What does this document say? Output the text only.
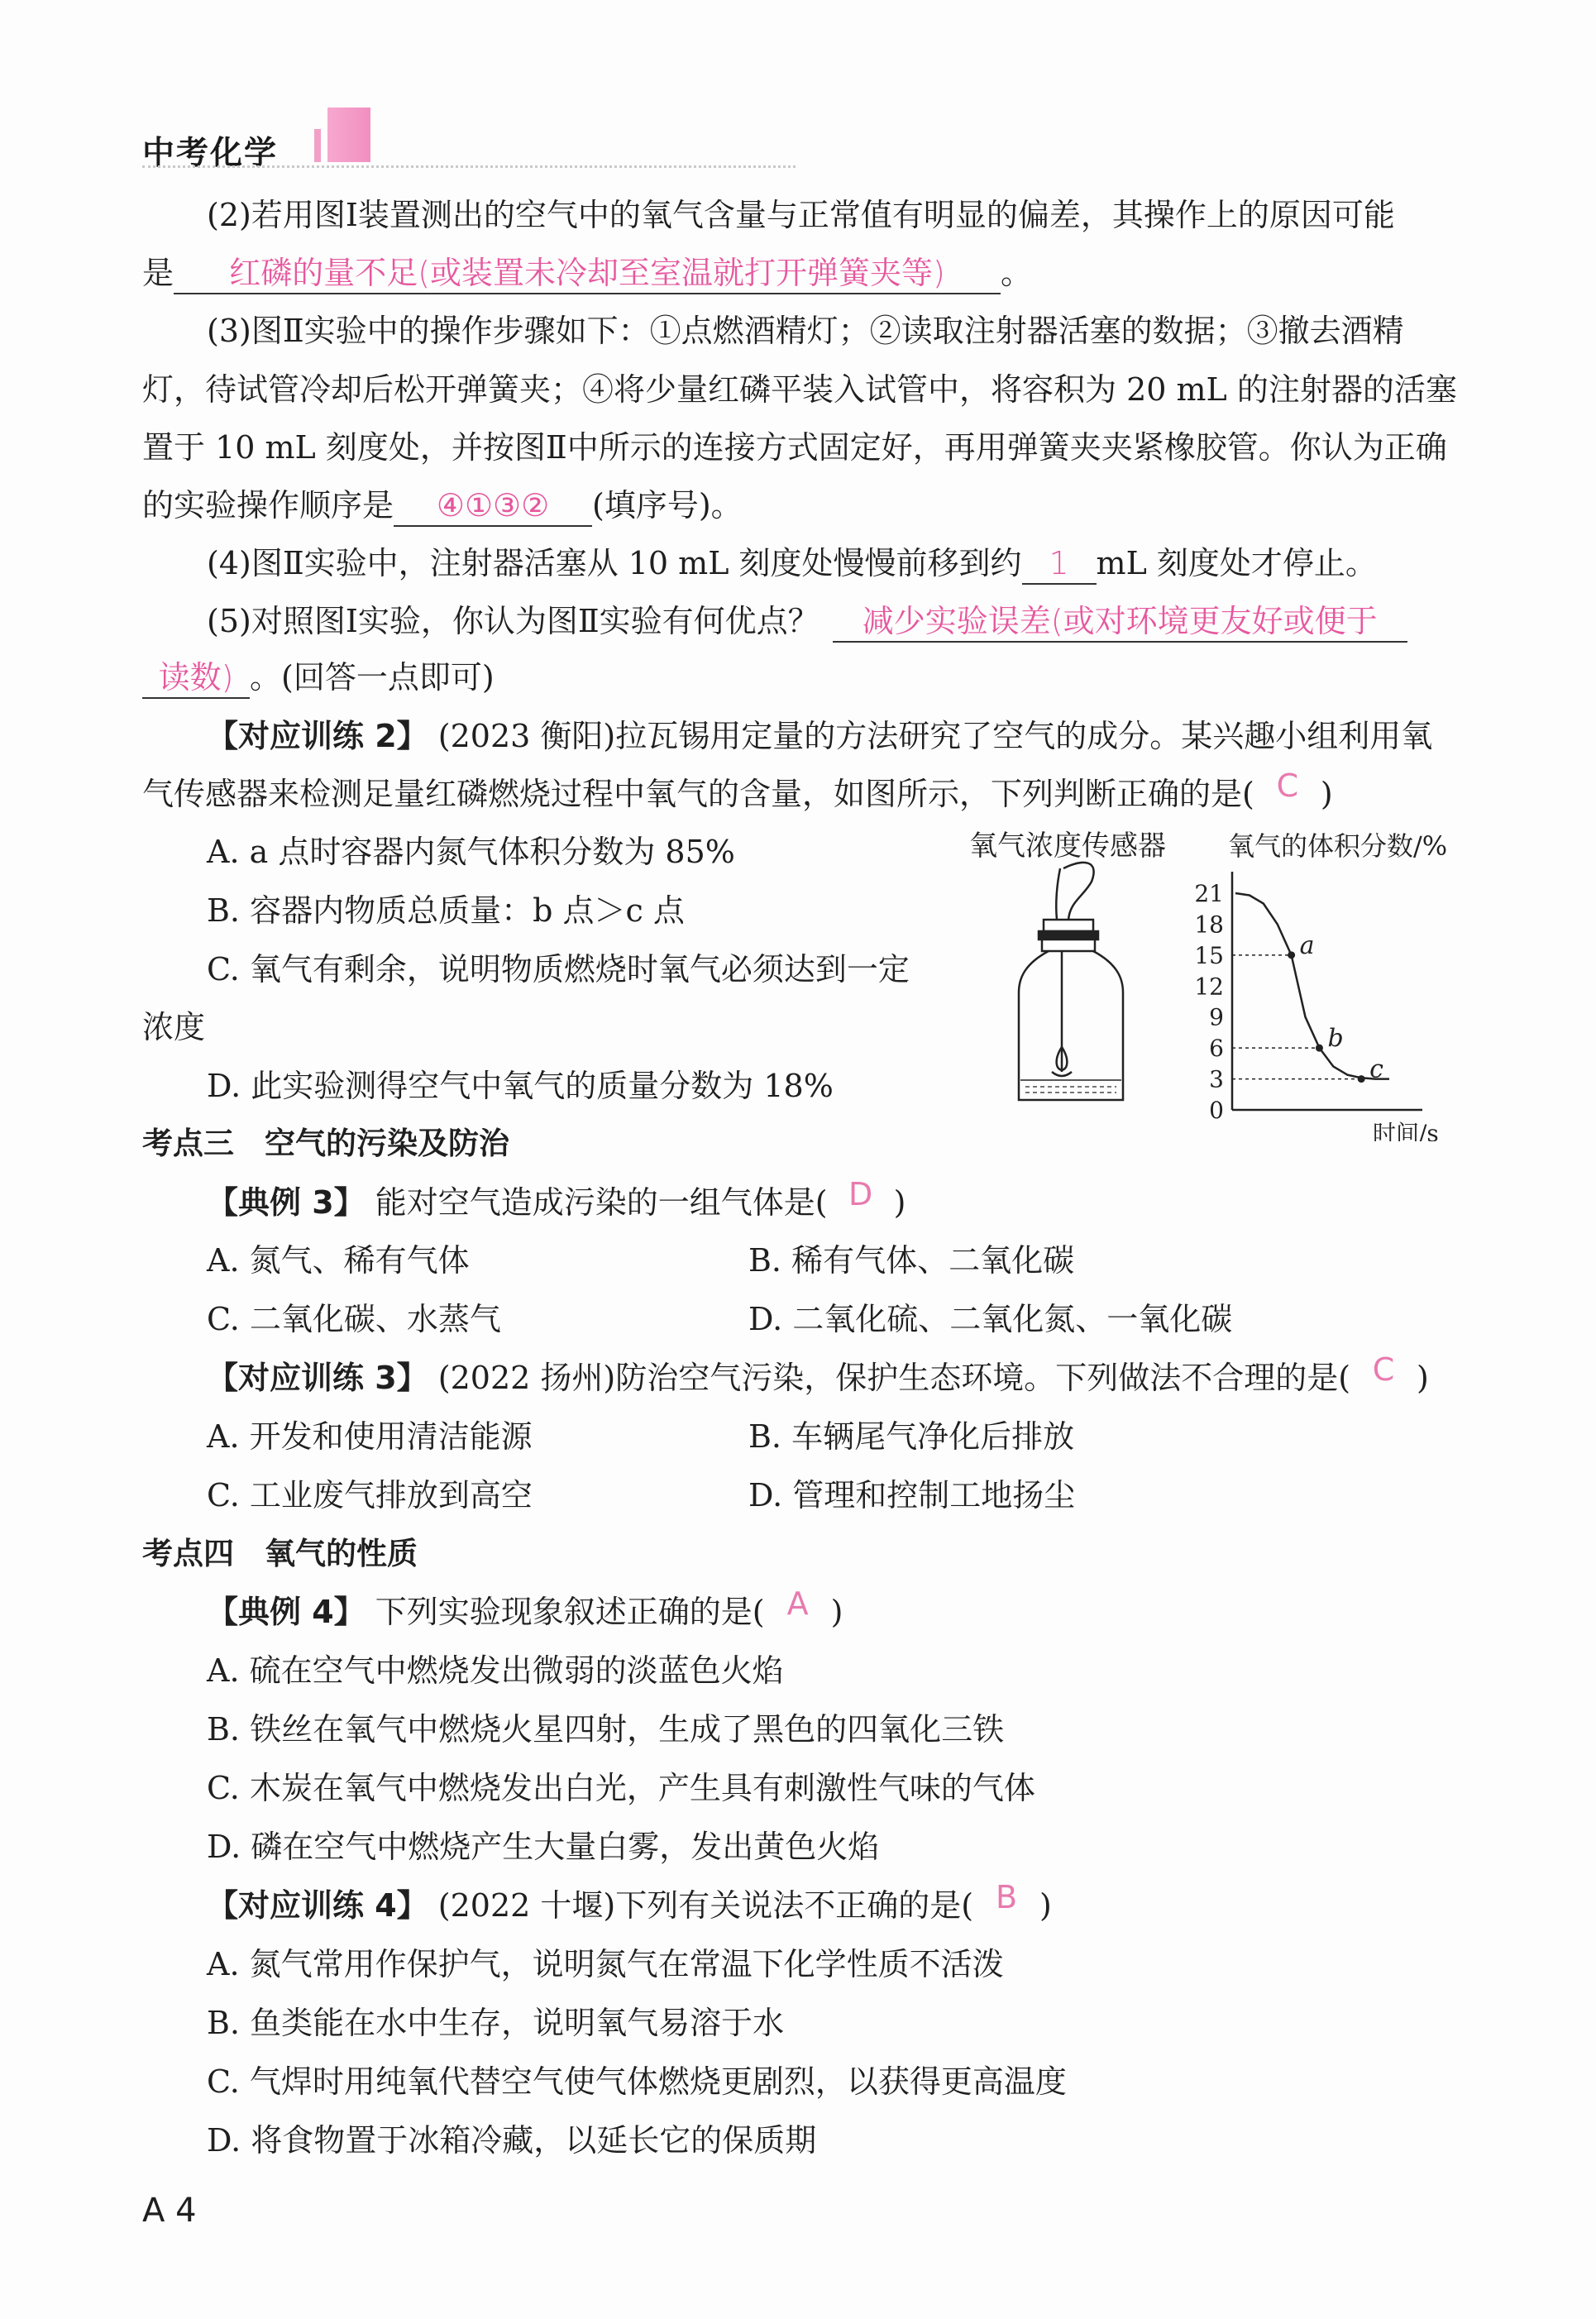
中考化学
(2)若用图Ⅰ装置测出的空气中的氧气含量与正常值有明显的偏差，其操作上的原因可能
是 红磷的量不足(或装置未冷却至室温就打开弹簧夹等) 。
(3)图Ⅱ实验中的操作步骤如下：①点燃酒精灯；②读取注射器活塞的数据；③撤去酒精
灯，待试管冷却后松开弹簧夹；④将少量红磷平装入试管中，将容积为 20 mL 的注射器的活塞
置于 10 mL 刻度处，并按图Ⅱ中所示的连接方式固定好，再用弹簧夹夹紧橡胶管。你认为正确
的实验操作顺序是 ④①③② (填序号)。
(4)图Ⅱ实验中，注射器活塞从 10 mL 刻度处慢慢前移到约 1 mL 刻度处才停止。
(5)对照图Ⅰ实验，你认为图Ⅱ实验有何优点？ 减少实验误差(或对环境更友好或便于
读数) 。(回答一点即可)
【对应训练 2】 (2023 衡阳)拉瓦锡用定量的方法研究了空气的成分。某兴趣小组利用氧
气传感器来检测足量红磷燃烧过程中氧气的含量，如图所示，下列判断正确的是( C )
A. a 点时容器内氮气体积分数为 85%
B. 容器内物质总质量：b 点＞c 点
C. 氧气有剩余，说明物质燃烧时氧气必须达到一定
浓度
D. 此实验测得空气中氧气的质量分数为 18%
氧气浓度传感器 氧气的体积分数/%
时间/s
21
18
15
12
9
6
3
0
a
b
c
考点三　空气的污染及防治
【典例 3】 能对空气造成污染的一组气体是( D )
A. 氮气、稀有气体	B. 稀有气体、二氧化碳
C. 二氧化碳、水蒸气	D. 二氧化硫、二氧化氮、一氧化碳
【对应训练 3】 (2022 扬州)防治空气污染，保护生态环境。下列做法不合理的是( C )
A. 开发和使用清洁能源	B. 车辆尾气净化后排放
C. 工业废气排放到高空	D. 管理和控制工地扬尘
考点四　氧气的性质
【典例 4】 下列实验现象叙述正确的是( A )
A. 硫在空气中燃烧发出微弱的淡蓝色火焰
B. 铁丝在氧气中燃烧火星四射，生成了黑色的四氧化三铁
C. 木炭在氧气中燃烧发出白光，产生具有刺激性气味的气体
D. 磷在空气中燃烧产生大量白雾，发出黄色火焰
【对应训练 4】 (2022 十堰)下列有关说法不正确的是( B )
A. 氮气常用作保护气，说明氮气在常温下化学性质不活泼
B. 鱼类能在水中生存，说明氧气易溶于水
C. 气焊时用纯氧代替空气使气体燃烧更剧烈，以获得更高温度
D. 将食物置于冰箱冷藏，以延长它的保质期
A 4
